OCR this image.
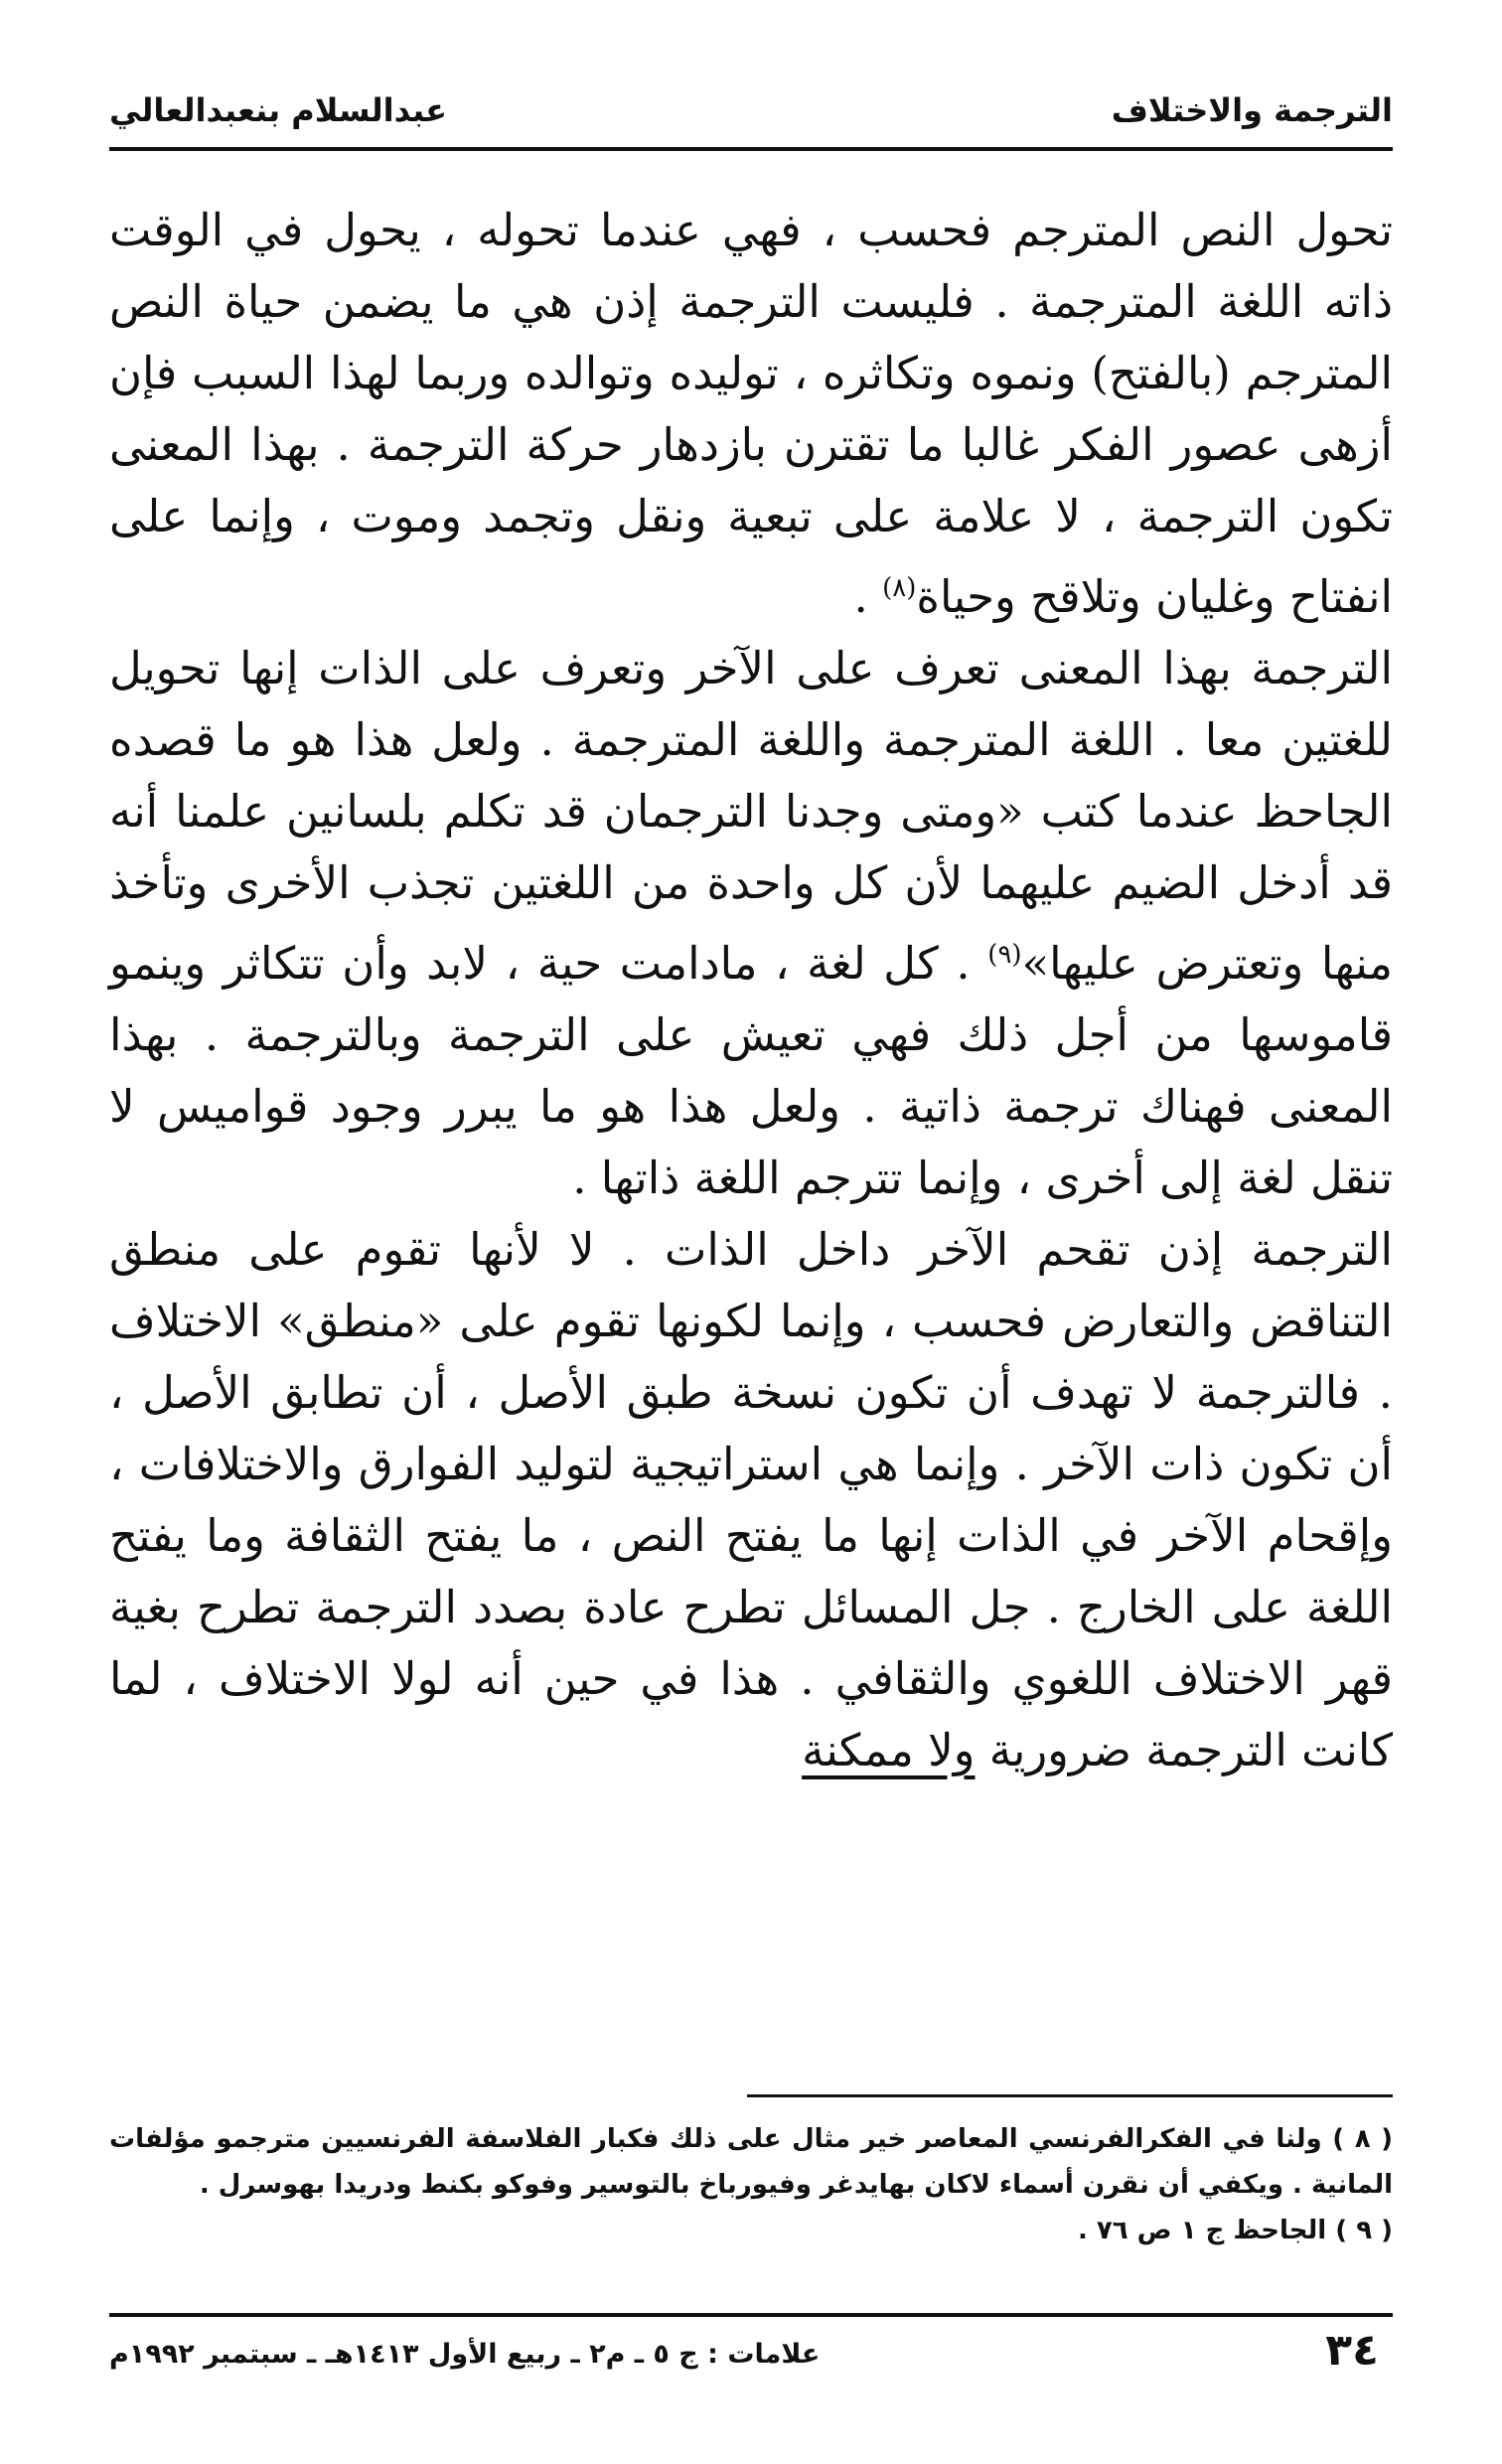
الترجمة والاختلاف
عبدالسلام بنعبدالعالي

تحول النص المترجم فحسب ، فهي عندما تحوله ، يحول في الوقت ذاته اللغة المترجمة . فليست الترجمة إذن هي ما يضمن حياة النص المترجم (بالفتح) ونموه وتكاثره ، توليده وتوالده وربما لهذا السبب فإن أزهى عصور الفكر غالبا ما تقترن بازدهار حركة الترجمة . بهذا المعنى تكون الترجمة ، لا علامة على تبعية ونقل وتجمد وموت ، وإنما على انفتاح وغليان وتلاقح وحياة$^{(٨)}$ .

الترجمة بهذا المعنى تعرف على الآخر وتعرف على الذات إنها تحويل للغتين معا . اللغة المترجمة واللغة المترجمة . ولعل هذا هو ما قصده الجاحظ عندما كتب «ومتى وجدنا الترجمان قد تكلم بلسانين علمنا أنه قد أدخل الضيم عليهما لأن كل واحدة من اللغتين تجذب الأخرى وتأخذ منها وتعترض عليها»$^{(٩)}$ . كل لغة ، مادامت حية ، لابد وأن تتكاثر وينمو قاموسها من أجل ذلك فهي تعيش على الترجمة وبالترجمة . بهذا المعنى فهناك ترجمة ذاتية . ولعل هذا هو ما يبرر وجود قواميس لا تنقل لغة إلى أخرى ، وإنما تترجم اللغة ذاتها .

الترجمة إذن تقحم الآخر داخل الذات . لا لأنها تقوم على منطق التناقض والتعارض فحسب ، وإنما لكونها تقوم على «منطق» الاختلاف . فالترجمة لا تهدف أن تكون نسخة طبق الأصل ، أن تطابق الأصل ، أن تكون ذات الآخر . وإنما هي استراتيجية لتوليد الفوارق والاختلافات ، وإقحام الآخر في الذات إنها ما يفتح النص ، ما يفتح الثقافة وما يفتح اللغة على الخارج . جل المسائل تطرح عادة بصدد الترجمة تطرح بغية قهر الاختلاف اللغوي والثقافي . هذا في حين أنه لولا الاختلاف ، لما كانت الترجمة ضرورية ولا ممكنة

( ٨ ) ولنا في الفكرالفرنسي المعاصر خير مثال على ذلك فكبار الفلاسفة الفرنسيين مترجمو مؤلفات المانية . ويكفي أن نقرن أسماء لاكان بهايدغر وفيورباخ بالتوسير وفوكو بكنط ودريدا بهوسرل .

( ٩ ) الجاحظ ج ١ ص ٧٦ .

٣٤
علامات : ج ٥ ـ م٢ ـ ربيع الأول ١٤١٣هـ ـ سبتمبر ١٩٩٢م
